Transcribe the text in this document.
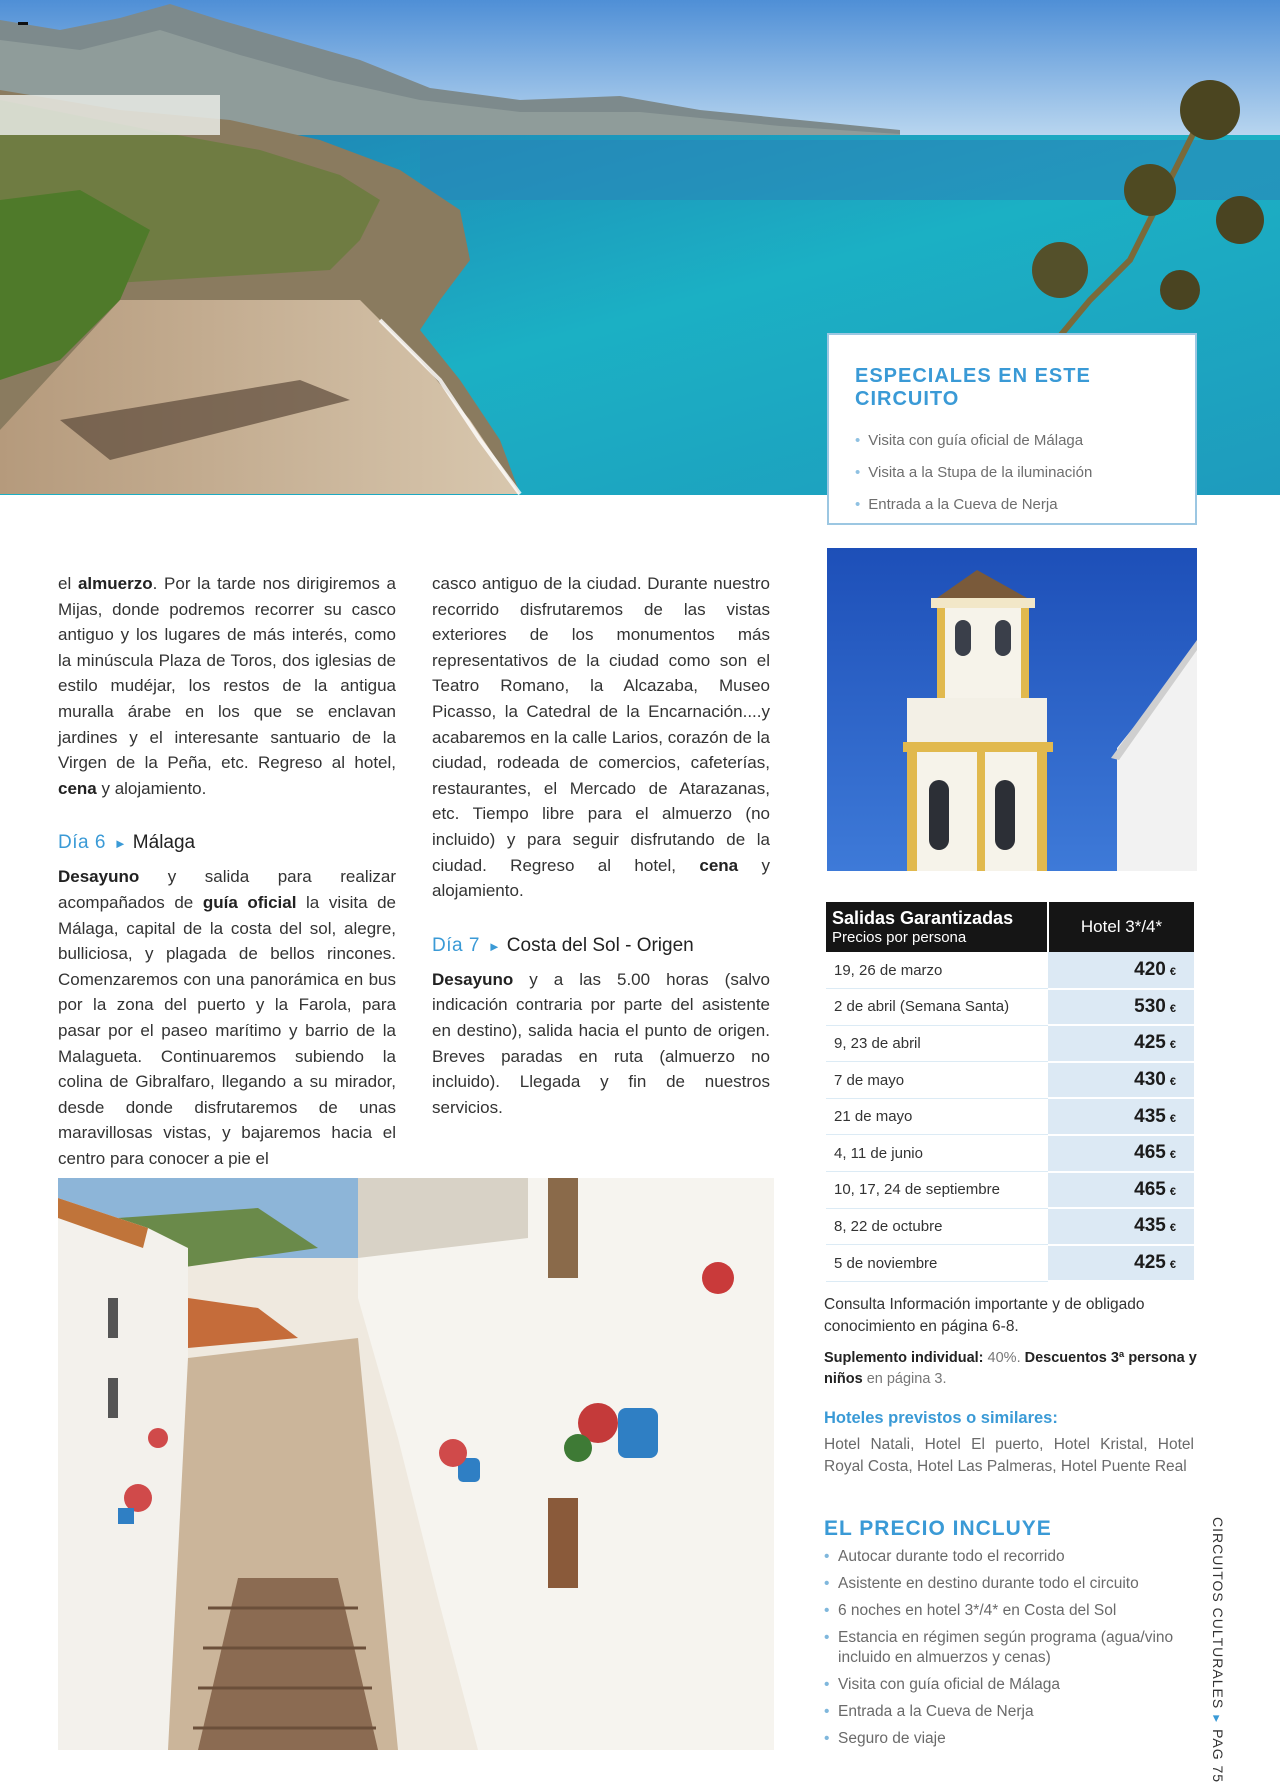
ESPECIALES EN ESTE CIRCUITO
• Visita con guía oficial de Málaga
• Visita a la Stupa de la iluminación
• Entrada a la Cueva de Nerja

el almuerzo. Por la tarde nos dirigiremos a Mijas, donde podremos recorrer su casco antiguo y los lugares de más interés, como la minúscula Plaza de Toros, dos iglesias de estilo mudéjar, los restos de la antigua muralla árabe en los que se enclavan jardines y el interesante santuario de la Virgen de la Peña, etc. Regreso al hotel, cena y alojamiento.

Día 6 ► Málaga

Desayuno y salida para realizar acompañados de guía oficial la visita de Málaga, capital de la costa del sol, alegre, bulliciosa, y plagada de bellos rincones. Comenzaremos con una panorámica en bus por la zona del puerto y la Farola, para pasar por el paseo marítimo y barrio de la Malagueta. Continuaremos subiendo la colina de Gibralfaro, llegando a su mirador, desde donde disfrutaremos de unas maravillosas vistas, y bajaremos hacia el centro para conocer a pie el

casco antiguo de la ciudad. Durante nuestro recorrido disfrutaremos de las vistas exteriores de los monumentos más representativos de la ciudad como son el Teatro Romano, la Alcazaba, Museo Picasso, la Catedral de la Encarnación....y acabaremos en la calle Larios, corazón de la ciudad, rodeada de comercios, cafeterías, restaurantes, el Mercado de Atarazanas, etc. Tiempo libre para el almuerzo (no incluido) y para seguir disfrutando de la ciudad. Regreso al hotel, cena y alojamiento.

Día 7 ► Costa del Sol - Origen

Desayuno y a las 5.00 horas (salvo indicación contraria por parte del asistente en destino), salida hacia el punto de origen. Breves paradas en ruta (almuerzo no incluido). Llegada y fin de nuestros servicios.

Salidas Garantizadas
Precios por persona	Hotel 3*/4*
19, 26 de marzo	420 €
2 de abril (Semana Santa)	530 €
9, 23 de abril	425 €
7 de mayo	430 €
21 de mayo	435 €
4, 11 de junio	465 €
10, 17, 24 de septiembre	465 €
8, 22 de octubre	435 €
5 de noviembre	425 €
Consulta Información importante y de obligado conocimiento en página 6-8.
Suplemento individual: 40%. Descuentos 3ª persona y niños en página 3.
Hoteles previstos o similares:
Hotel Natali, Hotel El puerto, Hotel Kristal, Hotel Royal Costa, Hotel Las Palmeras, Hotel Puente Real
EL PRECIO INCLUYE
• Autocar durante todo el recorrido
• Asistente en destino durante todo el circuito
• 6 noches en hotel 3*/4* en Costa del Sol
• Estancia en régimen según programa (agua/vino incluido en almuerzos y cenas)
• Visita con guía oficial de Málaga
• Entrada a la Cueva de Nerja
• Seguro de viaje
CIRCUITOS CULTURALES►PAG 75
